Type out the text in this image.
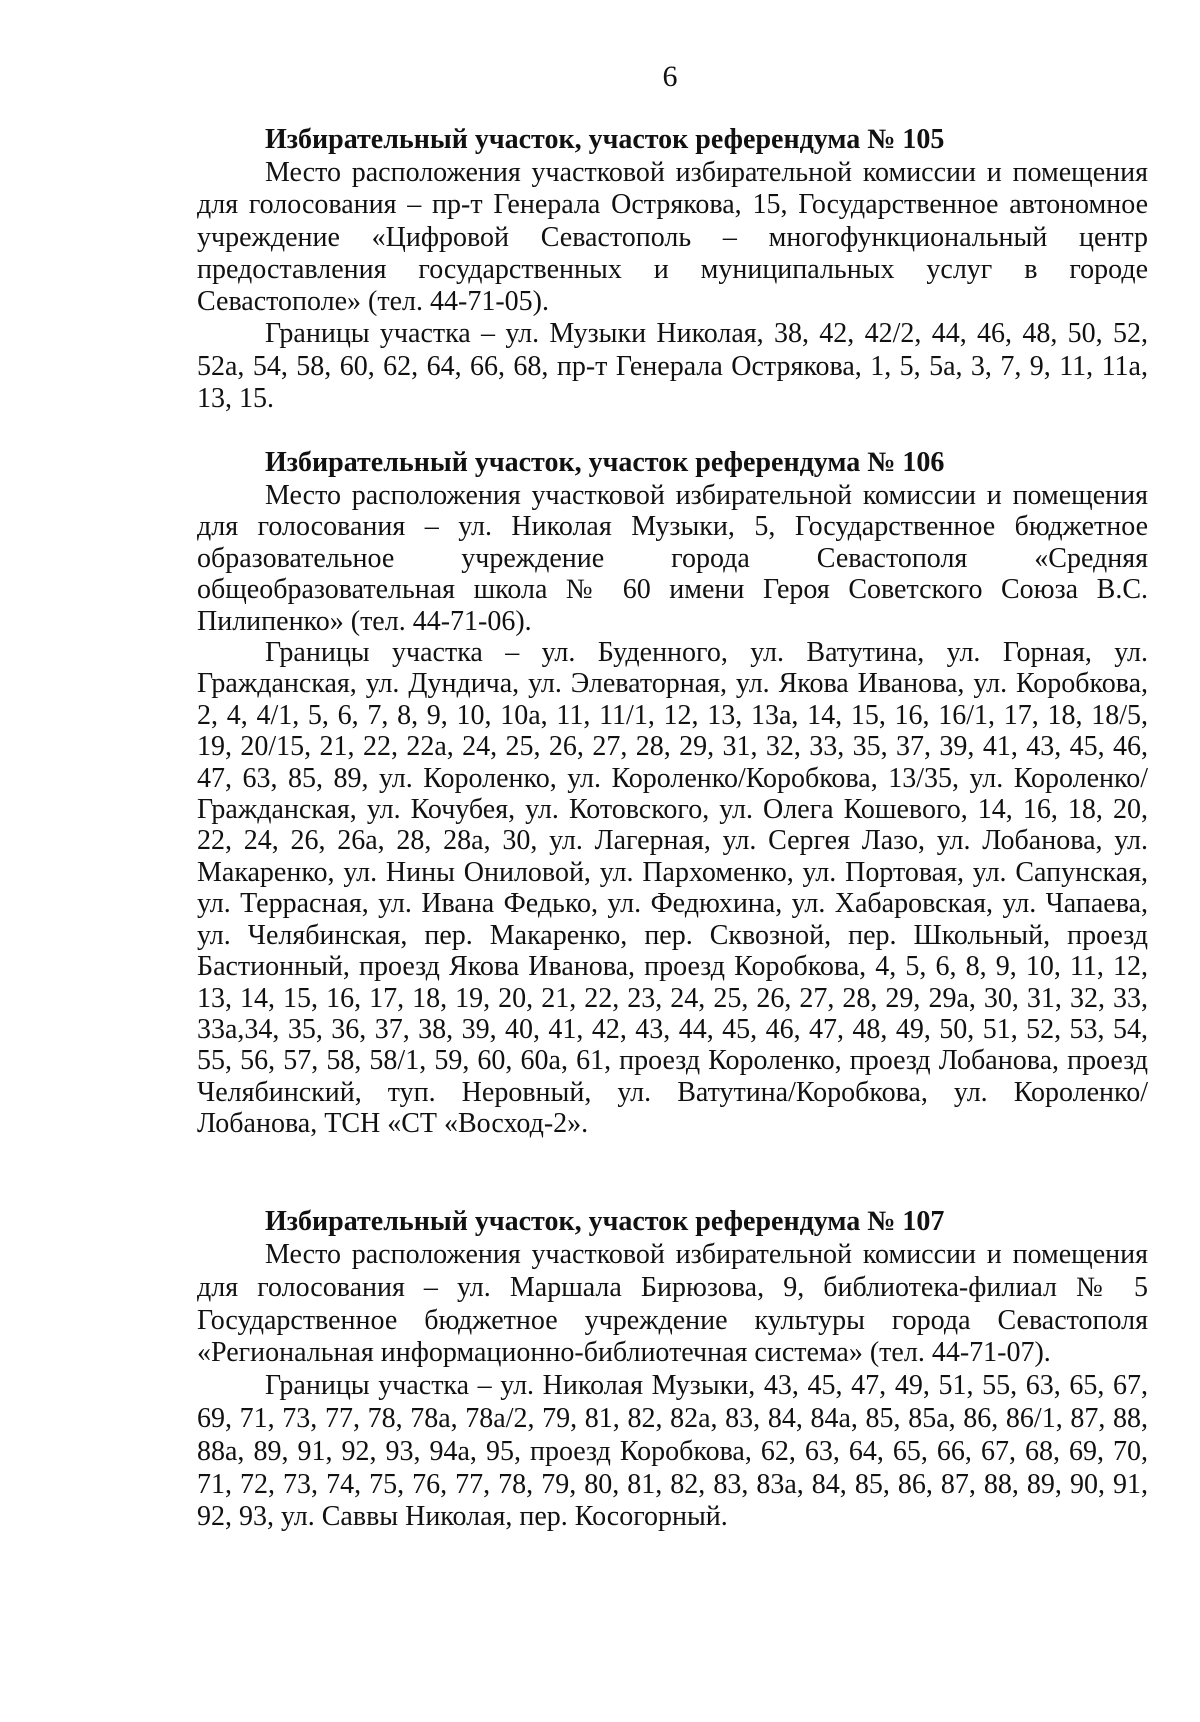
6

Избирательный участок, участок референдума № 105

Место расположения участковой избирательной комиссии и помещения для голосования – пр-т Генерала Острякова, 15, Государственное автономное учреждение «Цифровой Севастополь – многофункциональный центр предоставления государственных и муниципальных услуг в городе Севастополе» (тел. 44-71-05).

Границы участка – ул. Музыки Николая, 38, 42, 42/2, 44, 46, 48, 50, 52, 52а, 54, 58, 60, 62, 64, 66, 68, пр-т Генерала Острякова, 1, 5, 5а, 3, 7, 9, 11, 11а, 13, 15.

Избирательный участок, участок референдума № 106

Место расположения участковой избирательной комиссии и помещения для голосования – ул. Николая Музыки, 5, Государственное бюджетное образовательное учреждение города Севастополя «Средняя общеобразовательная школа № 60 имени Героя Советского Союза В.С. Пилипенко» (тел. 44-71-06).

Границы участка – ул. Буденного, ул. Ватутина, ул. Горная, ул. Гражданская, ул. Дундича, ул. Элеваторная, ул. Якова Иванова, ул. Коробкова, 2, 4, 4/1, 5, 6, 7, 8, 9, 10, 10а, 11, 11/1, 12, 13, 13а, 14, 15, 16, 16/1, 17, 18, 18/5, 19, 20/15, 21, 22, 22а, 24, 25, 26, 27, 28, 29, 31, 32, 33, 35, 37, 39, 41, 43, 45, 46, 47, 63, 85, 89, ул. Короленко, ул. Короленко/Коробкова, 13/35, ул. Короленко/Гражданская, ул. Кочубея, ул. Котовского, ул. Олега Кошевого, 14, 16, 18, 20, 22, 24, 26, 26а, 28, 28а, 30, ул. Лагерная, ул. Сергея Лазо, ул. Лобанова, ул. Макаренко, ул. Нины Ониловой, ул. Пархоменко, ул. Портовая, ул. Сапунская, ул. Террасная, ул. Ивана Федько, ул. Федюхина, ул. Хабаровская, ул. Чапаева, ул. Челябинская, пер. Макаренко, пер. Сквозной, пер. Школьный, проезд Бастионный, проезд Якова Иванова, проезд Коробкова, 4, 5, 6, 8, 9, 10, 11, 12, 13, 14, 15, 16, 17, 18, 19, 20, 21, 22, 23, 24, 25, 26, 27, 28, 29, 29а, 30, 31, 32, 33, 33а,34, 35, 36, 37, 38, 39, 40, 41, 42, 43, 44, 45, 46, 47, 48, 49, 50, 51, 52, 53, 54, 55, 56, 57, 58, 58/1, 59, 60, 60а, 61, проезд Короленко, проезд Лобанова, проезд Челябинский, туп. Неровный, ул. Ватутина/Коробкова, ул. Короленко/Лобанова, ТСН «СТ «Восход-2».

Избирательный участок, участок референдума № 107

Место расположения участковой избирательной комиссии и помещения для голосования – ул. Маршала Бирюзова, 9, библиотека-филиал № 5 Государственное бюджетное учреждение культуры города Севастополя «Региональная информационно-библиотечная система» (тел. 44-71-07).

Границы участка – ул. Николая Музыки, 43, 45, 47, 49, 51, 55, 63, 65, 67, 69, 71, 73, 77, 78, 78а, 78а/2, 79, 81, 82, 82а, 83, 84, 84а, 85, 85а, 86, 86/1, 87, 88, 88а, 89, 91, 92, 93, 94а, 95, проезд Коробкова, 62, 63, 64, 65, 66, 67, 68, 69, 70, 71, 72, 73, 74, 75, 76, 77, 78, 79, 80, 81, 82, 83, 83а, 84, 85, 86, 87, 88, 89, 90, 91, 92, 93, ул. Саввы Николая, пер. Косогорный.
